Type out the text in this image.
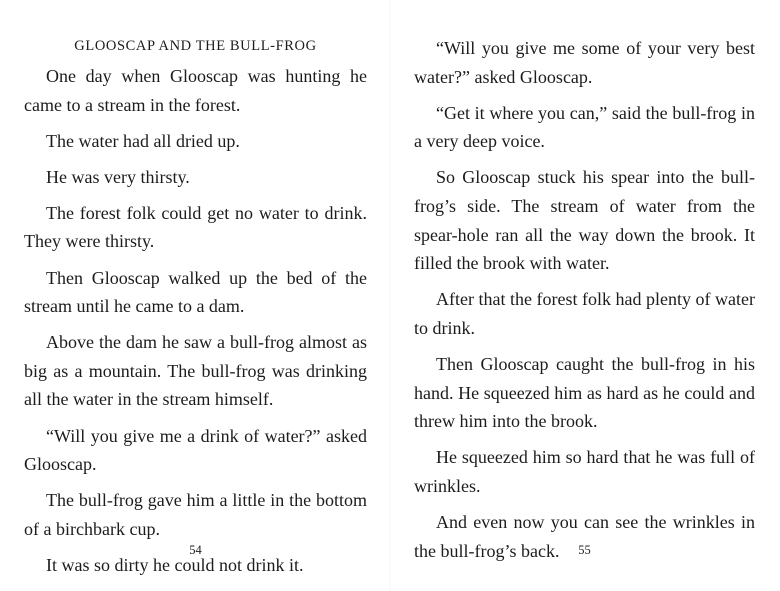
GLOOSCAP AND THE BULL-FROG

One day when Glooscap was hunting he came to a stream in the forest.

The water had all dried up.

He was very thirsty.

The forest folk could get no water to drink. They were thirsty.

Then Glooscap walked up the bed of the stream until he came to a dam.

Above the dam he saw a bull-frog almost as big as a mountain. The bull-frog was drinking all the water in the stream himself.

“Will you give me a drink of water?” asked Glooscap.

The bull-frog gave him a little in the bottom of a birchbark cup.

It was so dirty he could not drink it.

54

“Will you give me some of your very best water?” asked Glooscap.

“Get it where you can,” said the bull-frog in a very deep voice.

So Glooscap stuck his spear into the bull-frog’s side. The stream of water from the spear-hole ran all the way down the brook. It filled the brook with water.

After that the forest folk had plenty of water to drink.

Then Glooscap caught the bull-frog in his hand. He squeezed him as hard as he could and threw him into the brook.

He squeezed him so hard that he was full of wrinkles.

And even now you can see the wrinkles in the bull-frog’s back.	55
